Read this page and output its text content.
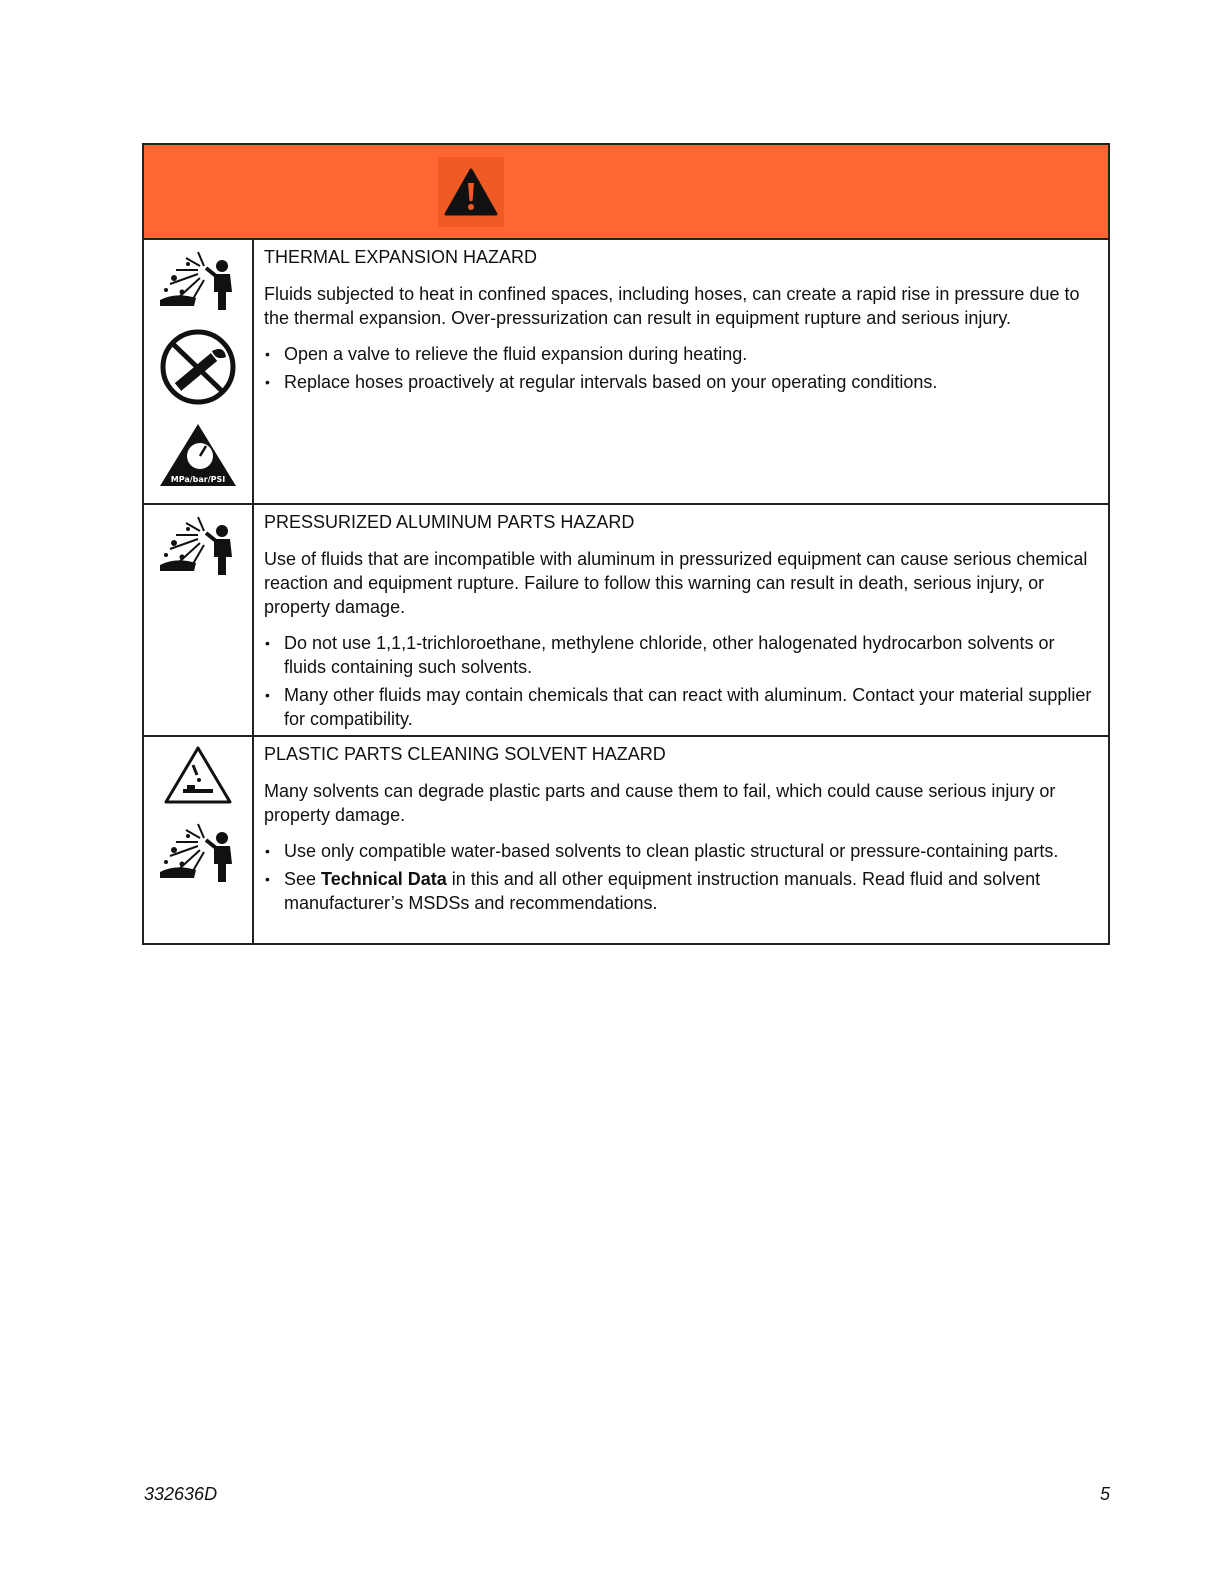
MPa/bar/PSI
THERMAL EXPANSION HAZARD

Fluids subjected to heat in confined spaces, including hoses, can create a rapid rise in pressure due to the thermal expansion. Over-pressurization can result in equipment rupture and serious injury.

• Open a valve to relieve the fluid expansion during heating.
• Replace hoses proactively at regular intervals based on your operating conditions.
PRESSURIZED ALUMINUM PARTS HAZARD

Use of fluids that are incompatible with aluminum in pressurized equipment can cause serious chemical reaction and equipment rupture. Failure to follow this warning can result in death, serious injury, or property damage.

• Do not use 1,1,1-trichloroethane, methylene chloride, other halogenated hydrocarbon solvents or fluids containing such solvents.
• Many other fluids may contain chemicals that can react with aluminum. Contact your material supplier for compatibility.
PLASTIC PARTS CLEANING SOLVENT HAZARD

Many solvents can degrade plastic parts and cause them to fail, which could cause serious injury or property damage.

• Use only compatible water-based solvents to clean plastic structural or pressure-containing parts.
• See Technical Data in this and all other equipment instruction manuals. Read fluid and solvent manufacturer’s MSDSs and recommendations.
332636D	5
